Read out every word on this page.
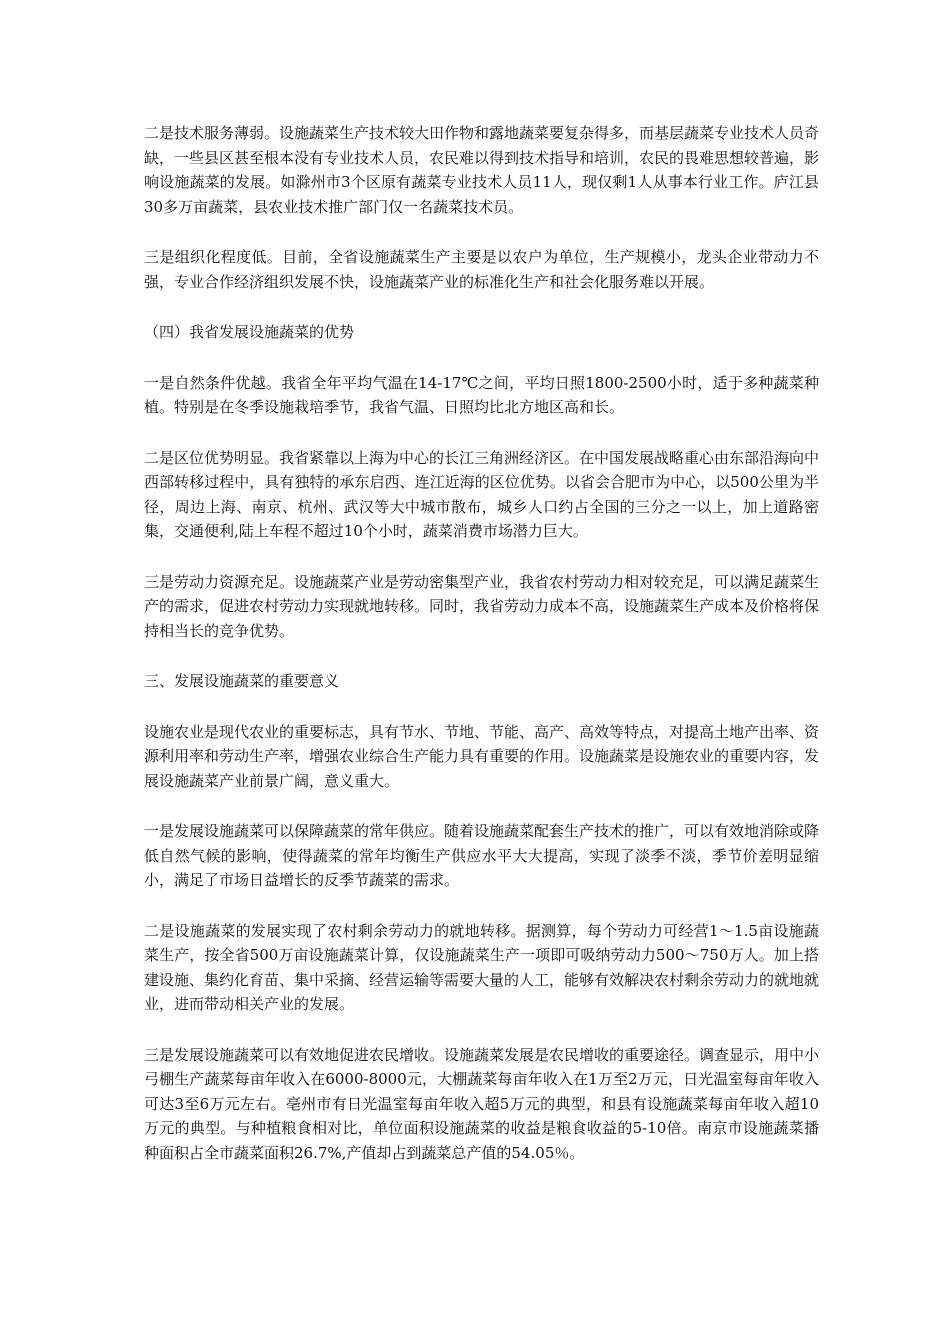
二是技术服务薄弱。设施蔬菜生产技术较大田作物和露地蔬菜要复杂得多，而基层蔬菜专业技术人员奇缺，一些县区甚至根本没有专业技术人员，农民难以得到技术指导和培训，农民的畏难思想较普遍，影响设施蔬菜的发展。如滁州市3个区原有蔬菜专业技术人员11人，现仅剩1人从事本行业工作。庐江县30多万亩蔬菜，县农业技术推广部门仅一名蔬菜技术员。

三是组织化程度低。目前，全省设施蔬菜生产主要是以农户为单位，生产规模小，龙头企业带动力不强，专业合作经济组织发展不快，设施蔬菜产业的标准化生产和社会化服务难以开展。

（四）我省发展设施蔬菜的优势

一是自然条件优越。我省全年平均气温在14-17℃之间，平均日照1800-2500小时，适于多种蔬菜种植。特别是在冬季设施栽培季节，我省气温、日照均比北方地区高和长。

二是区位优势明显。我省紧靠以上海为中心的长江三角洲经济区。在中国发展战略重心由东部沿海向中西部转移过程中，具有独特的承东启西、连江近海的区位优势。以省会合肥市为中心，以500公里为半径，周边上海、南京、杭州、武汉等大中城市散布，城乡人口约占全国的三分之一以上，加上道路密集，交通便利,陆上车程不超过10个小时，蔬菜消费市场潜力巨大。

三是劳动力资源充足。设施蔬菜产业是劳动密集型产业，我省农村劳动力相对较充足，可以满足蔬菜生产的需求，促进农村劳动力实现就地转移。同时，我省劳动力成本不高，设施蔬菜生产成本及价格将保持相当长的竞争优势。

三、发展设施蔬菜的重要意义

设施农业是现代农业的重要标志，具有节水、节地、节能、高产、高效等特点，对提高土地产出率、资源利用率和劳动生产率，增强农业综合生产能力具有重要的作用。设施蔬菜是设施农业的重要内容，发展设施蔬菜产业前景广阔，意义重大。

一是发展设施蔬菜可以保障蔬菜的常年供应。随着设施蔬菜配套生产技术的推广，可以有效地消除或降低自然气候的影响，使得蔬菜的常年均衡生产供应水平大大提高，实现了淡季不淡，季节价差明显缩小，满足了市场日益增长的反季节蔬菜的需求。

二是设施蔬菜的发展实现了农村剩余劳动力的就地转移。据测算，每个劳动力可经营1～1.5亩设施蔬菜生产，按全省500万亩设施蔬菜计算，仅设施蔬菜生产一项即可吸纳劳动力500～750万人。加上搭建设施、集约化育苗、集中采摘、经营运输等需要大量的人工，能够有效解决农村剩余劳动力的就地就业，进而带动相关产业的发展。

三是发展设施蔬菜可以有效地促进农民增收。设施蔬菜发展是农民增收的重要途径。调查显示，用中小弓棚生产蔬菜每亩年收入在6000-8000元，大棚蔬菜每亩年收入在1万至2万元，日光温室每亩年收入可达3至6万元左右。亳州市有日光温室每亩年收入超5万元的典型，和县有设施蔬菜每亩年收入超10万元的典型。与种植粮食相对比，单位面积设施蔬菜的收益是粮食收益的5-10倍。南京市设施蔬菜播种面积占全市蔬菜面积26.7%,产值却占到蔬菜总产值的54.05％。
